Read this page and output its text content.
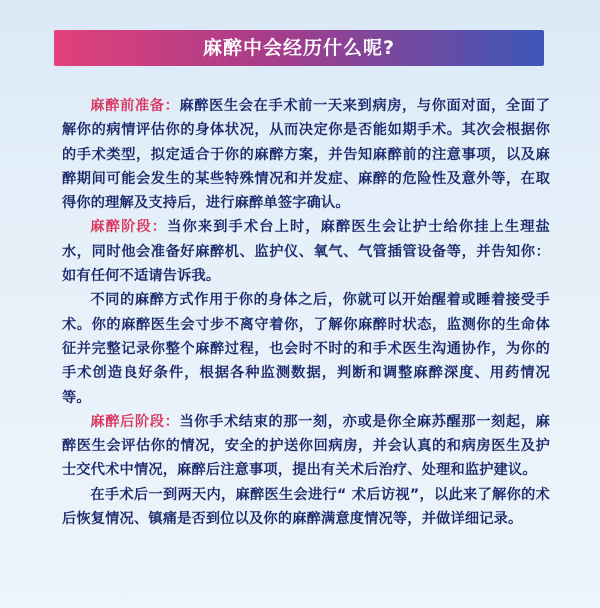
麻醉中会经历什么呢?

麻醉前准备：麻醉医生会在手术前一天来到病房，与你面对面，全面了解你的病情评估你的身体状况，从而决定你是否能如期手术。其次会根据你的手术类型，拟定适合于你的麻醉方案，并告知麻醉前的注意事项，以及麻醉期间可能会发生的某些特殊情况和并发症、麻醉的危险性及意外等，在取得你的理解及支持后，进行麻醉单签字确认。

麻醉阶段：当你来到手术台上时，麻醉医生会让护士给你挂上生理盐水，同时他会准备好麻醉机、监护仪、氧气、气管插管设备等，并告知你：如有任何不适请告诉我。

不同的麻醉方式作用于你的身体之后，你就可以开始醒着或睡着接受手术。你的麻醉医生会寸步不离守着你，了解你麻醉时状态，监测你的生命体征并完整记录你整个麻醉过程，也会时不时的和手术医生沟通协作，为你的手术创造良好条件，根据各种监测数据，判断和调整麻醉深度、用药情况等。

麻醉后阶段：当你手术结束的那一刻，亦或是你全麻苏醒那一刻起，麻醉医生会评估你的情况，安全的护送你回病房，并会认真的和病房医生及护士交代术中情况，麻醉后注意事项，提出有关术后治疗、处理和监护建议。

在手术后一到两天内，麻醉医生会进行“ 术后访视”，以此来了解你的术后恢复情况、镇痛是否到位以及你的麻醉满意度情况等，并做详细记录。
